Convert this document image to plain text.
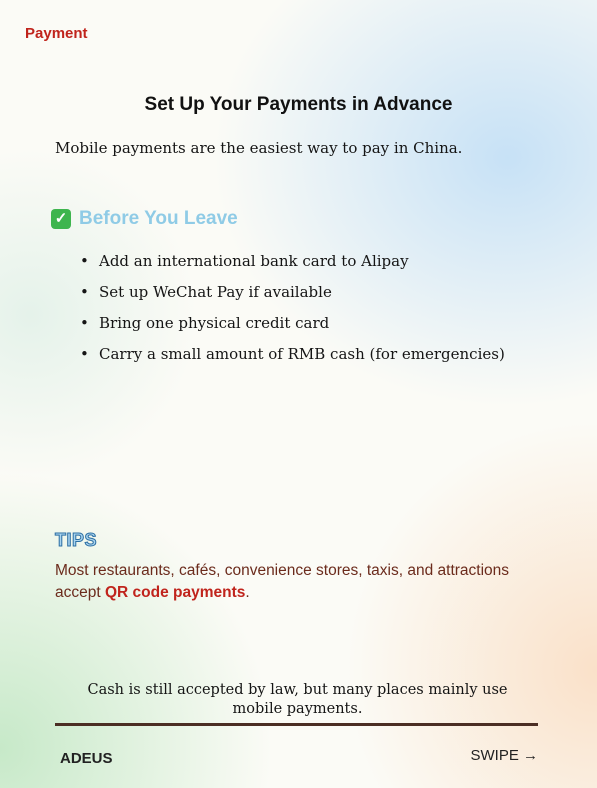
Payment
Set Up Your Payments in Advance
Mobile payments are the easiest way to pay in China.
✓ Before You Leave
• Add an international bank card to Alipay
• Set up WeChat Pay if available
• Bring one physical credit card
• Carry a small amount of RMB cash (for emergencies)
TIPS
Most restaurants, cafés, convenience stores, taxis, and attractions accept QR code payments.
Cash is still accepted by law, but many places mainly use mobile payments.
ADEUS	SWIPE →
